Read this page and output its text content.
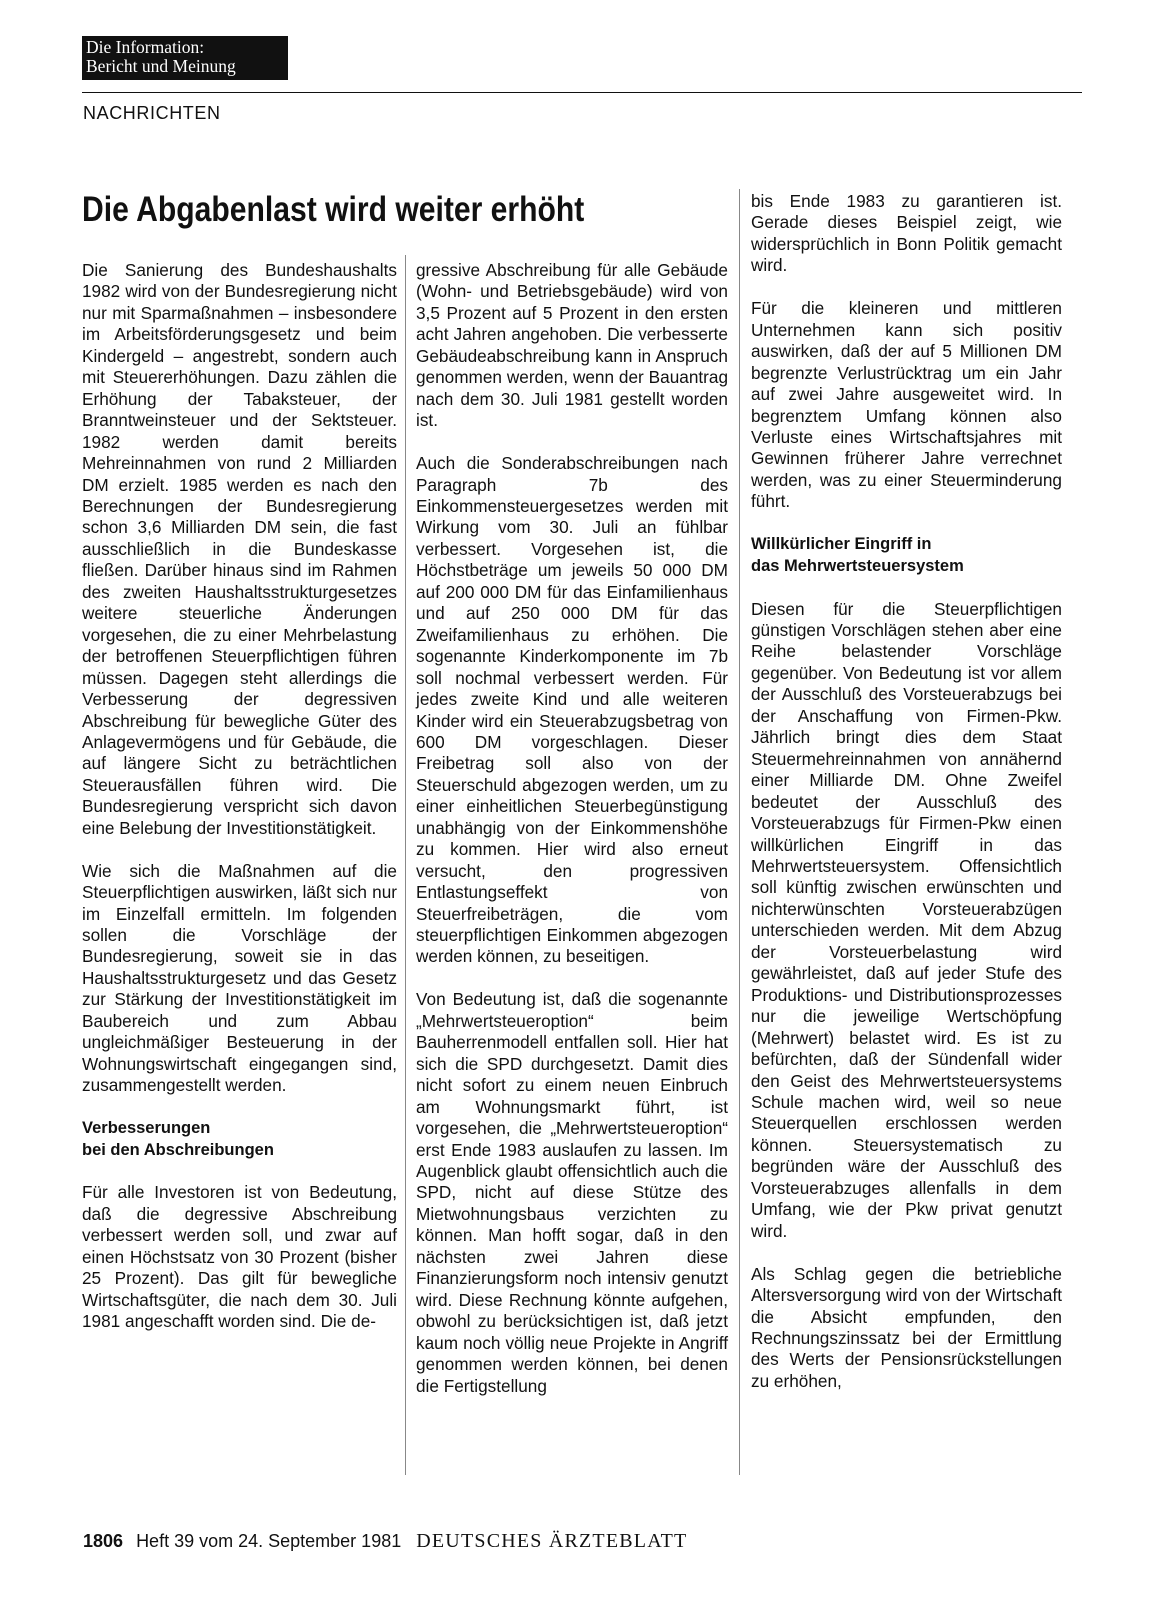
Die Information:
Bericht und Meinung
NACHRICHTEN
Die Abgabenlast wird weiter erhöht

Die Sanierung des Bundeshaushalts 1982 wird von der Bundesregierung nicht nur mit Sparmaßnahmen – insbesondere im Arbeitsförderungsgesetz und beim Kindergeld – angestrebt, sondern auch mit Steuererhöhungen. Dazu zählen die Erhöhung der Tabaksteuer, der Branntweinsteuer und der Sektsteuer. 1982 werden damit bereits Mehreinnahmen von rund 2 Milliarden DM erzielt. 1985 werden es nach den Berechnungen der Bundesregierung schon 3,6 Milliarden DM sein, die fast ausschließlich in die Bundeskasse fließen. Darüber hinaus sind im Rahmen des zweiten Haushaltsstrukturgesetzes weitere steuerliche Änderungen vorgesehen, die zu einer Mehrbelastung der betroffenen Steuerpflichtigen führen müssen. Dagegen steht allerdings die Verbesserung der degressiven Abschreibung für bewegliche Güter des Anlagevermögens und für Gebäude, die auf längere Sicht zu beträchtlichen Steuerausfällen führen wird. Die Bundesregierung verspricht sich davon eine Belebung der Investitionstätigkeit.

Wie sich die Maßnahmen auf die Steuerpflichtigen auswirken, läßt sich nur im Einzelfall ermitteln. Im folgenden sollen die Vorschläge der Bundesregierung, soweit sie in das Haushaltsstrukturgesetz und das Gesetz zur Stärkung der Investitionstätigkeit im Baubereich und zum Abbau ungleichmäßiger Besteuerung in der Wohnungswirtschaft eingegangen sind, zusammengestellt werden.

Verbesserungen
bei den Abschreibungen

Für alle Investoren ist von Bedeutung, daß die degressive Abschreibung verbessert werden soll, und zwar auf einen Höchstsatz von 30 Prozent (bisher 25 Prozent). Das gilt für bewegliche Wirtschaftsgüter, die nach dem 30. Juli 1981 angeschafft worden sind. Die de-

gressive Abschreibung für alle Gebäude (Wohn- und Betriebsgebäude) wird von 3,5 Prozent auf 5 Prozent in den ersten acht Jahren angehoben. Die verbesserte Gebäudeabschreibung kann in Anspruch genommen werden, wenn der Bauantrag nach dem 30. Juli 1981 gestellt worden ist.

Auch die Sonderabschreibungen nach Paragraph 7b des Einkommensteuergesetzes werden mit Wirkung vom 30. Juli an fühlbar verbessert. Vorgesehen ist, die Höchstbeträge um jeweils 50 000 DM auf 200 000 DM für das Einfamilienhaus und auf 250 000 DM für das Zweifamilienhaus zu erhöhen. Die sogenannte Kinderkomponente im 7b soll nochmal verbessert werden. Für jedes zweite Kind und alle weiteren Kinder wird ein Steuerabzugsbetrag von 600 DM vorgeschlagen. Dieser Freibetrag soll also von der Steuerschuld abgezogen werden, um zu einer einheitlichen Steuerbegünstigung unabhängig von der Einkommenshöhe zu kommen. Hier wird also erneut versucht, den progressiven Entlastungseffekt von Steuerfreibeträgen, die vom steuerpflichtigen Einkommen abgezogen werden können, zu beseitigen.

Von Bedeutung ist, daß die sogenannte „Mehrwertsteueroption“ beim Bauherrenmodell entfallen soll. Hier hat sich die SPD durchgesetzt. Damit dies nicht sofort zu einem neuen Einbruch am Wohnungsmarkt führt, ist vorgesehen, die „Mehrwertsteueroption“ erst Ende 1983 auslaufen zu lassen. Im Augenblick glaubt offensichtlich auch die SPD, nicht auf diese Stütze des Mietwohnungsbaus verzichten zu können. Man hofft sogar, daß in den nächsten zwei Jahren diese Finanzierungsform noch intensiv genutzt wird. Diese Rechnung könnte aufgehen, obwohl zu berücksichtigen ist, daß jetzt kaum noch völlig neue Projekte in Angriff genommen werden können, bei denen die Fertigstellung

bis Ende 1983 zu garantieren ist. Gerade dieses Beispiel zeigt, wie widersprüchlich in Bonn Politik gemacht wird.

Für die kleineren und mittleren Unternehmen kann sich positiv auswirken, daß der auf 5 Millionen DM begrenzte Verlustrücktrag um ein Jahr auf zwei Jahre ausgeweitet wird. In begrenztem Umfang können also Verluste eines Wirtschaftsjahres mit Gewinnen früherer Jahre verrechnet werden, was zu einer Steuerminderung führt.

Willkürlicher Eingriff in
das Mehrwertsteuersystem

Diesen für die Steuerpflichtigen günstigen Vorschlägen stehen aber eine Reihe belastender Vorschläge gegenüber. Von Bedeutung ist vor allem der Ausschluß des Vorsteuerabzugs bei der Anschaffung von Firmen-Pkw. Jährlich bringt dies dem Staat Steuermehreinnahmen von annähernd einer Milliarde DM. Ohne Zweifel bedeutet der Ausschluß des Vorsteuerabzugs für Firmen-Pkw einen willkürlichen Eingriff in das Mehrwertsteuersystem. Offensichtlich soll künftig zwischen erwünschten und nichterwünschten Vorsteuerabzügen unterschieden werden. Mit dem Abzug der Vorsteuerbelastung wird gewährleistet, daß auf jeder Stufe des Produktions- und Distributionsprozesses nur die jeweilige Wertschöpfung (Mehrwert) belastet wird. Es ist zu befürchten, daß der Sündenfall wider den Geist des Mehrwertsteuersystems Schule machen wird, weil so neue Steuerquellen erschlossen werden können. Steuersystematisch zu begründen wäre der Ausschluß des Vorsteuerabzuges allenfalls in dem Umfang, wie der Pkw privat genutzt wird.

Als Schlag gegen die betriebliche Altersversorgung wird von der Wirtschaft die Absicht empfunden, den Rechnungszinssatz bei der Ermittlung des Werts der Pensionsrückstellungen zu erhöhen,

1806 Heft 39 vom 24. September 1981 DEUTSCHES ÄRZTEBLATT
